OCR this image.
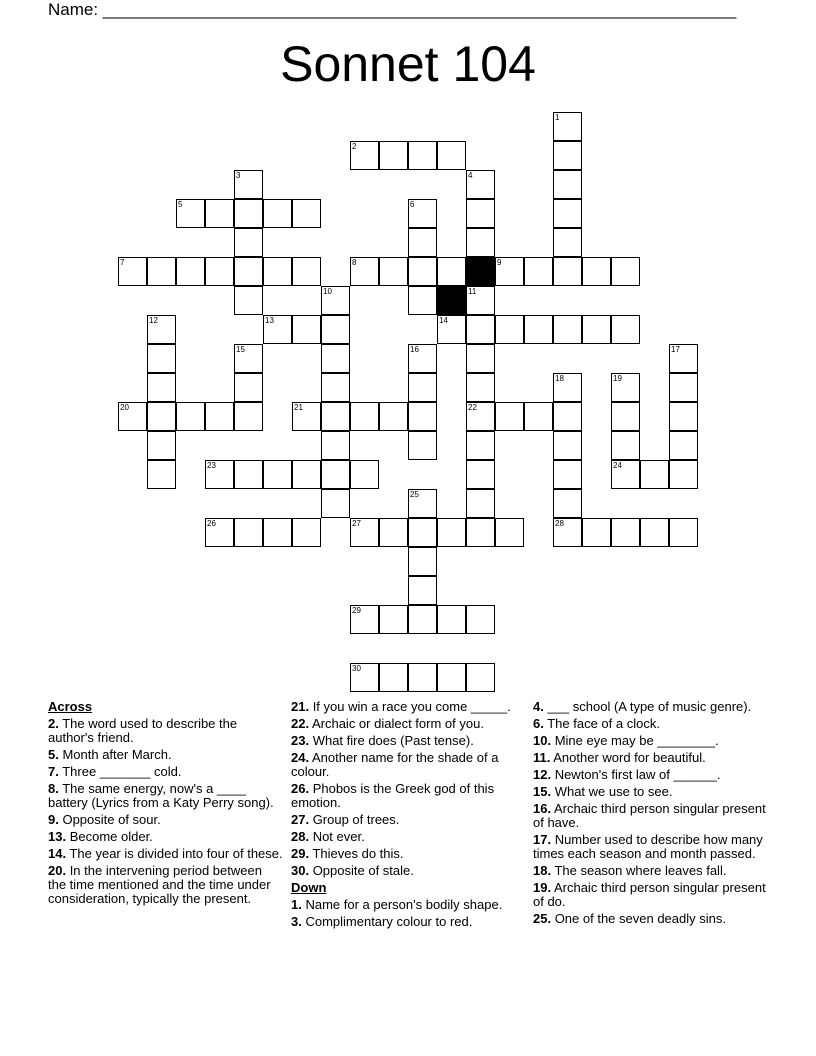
Name: ___________________________________________________________________
Sonnet 104
1
2
3	4
5	6
7	8	9
10	11
12	13	14
15	16	17
18	19
20	21	22
23	24
25
26	27	28
29
30
Across
2. The word used to describe the author's friend.
5. Month after March.
7. Three _______ cold.
8. The same energy, now's a ____ battery (Lyrics from a Katy Perry song).
9. Opposite of sour.
13. Become older.
14. The year is divided into four of these.
20. In the intervening period between the time mentioned and the time under consideration, typically the present.
21. If you win a race you come _____.
22. Archaic or dialect form of you.
23. What fire does (Past tense).
24. Another name for the shade of a colour.
26. Phobos is the Greek god of this emotion.
27. Group of trees.
28. Not ever.
29. Thieves do this.
30. Opposite of stale.
Down
1. Name for a person's bodily shape.
3. Complimentary colour to red.
4. ___ school (A type of music genre).
6. The face of a clock.
10. Mine eye may be ________.
11. Another word for beautiful.
12. Newton's first law of ______.
15. What we use to see.
16. Archaic third person singular present of have.
17. Number used to describe how many times each season and month passed.
18. The season where leaves fall.
19. Archaic third person singular present of do.
25. One of the seven deadly sins.
